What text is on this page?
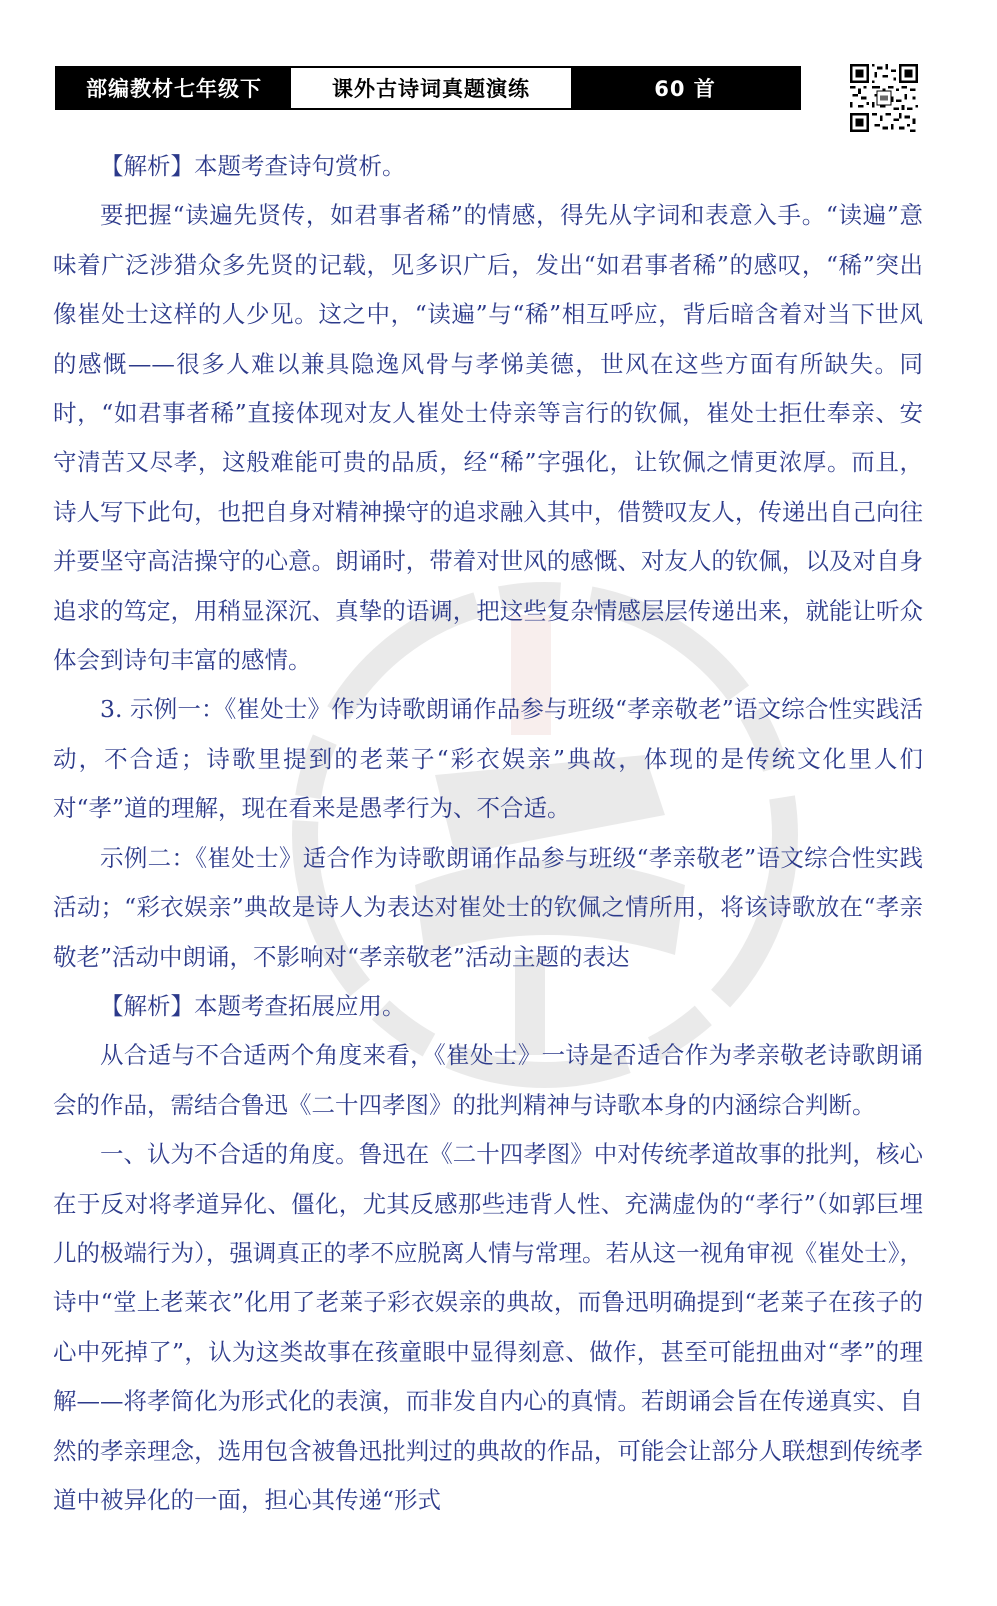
部编教材七年级下	课外古诗词真题演练	60 首

【解析】本题考查诗句赏析。

要把握“读遍先贤传，如君事者稀”的情感，得先从字词和表意入手。“读遍”意味着广泛涉猎众多先贤的记载，见多识广后，发出“如君事者稀”的感叹，“稀”突出像崔处士这样的人少见。这之中，“读遍”与“稀”相互呼应，背后暗含着对当下世风的感慨——很多人难以兼具隐逸风骨与孝悌美德，世风在这些方面有所缺失。同时，“如君事者稀”直接体现对友人崔处士侍亲等言行的钦佩，崔处士拒仕奉亲、安守清苦又尽孝，这般难能可贵的品质，经“稀”字强化，让钦佩之情更浓厚。而且，诗人写下此句，也把自身对精神操守的追求融入其中，借赞叹友人，传递出自己向往并要坚守高洁操守的心意。朗诵时，带着对世风的感慨、对友人的钦佩，以及对自身追求的笃定，用稍显深沉、真挚的语调，把这些复杂情感层层传递出来，就能让听众体会到诗句丰富的感情。

3. 示例一：《崔处士》作为诗歌朗诵作品参与班级“孝亲敬老”语文综合性实践活动，不合适；诗歌里提到的老莱子“彩衣娱亲”典故，体现的是传统文化里人们对“孝”道的理解，现在看来是愚孝行为、不合适。

示例二：《崔处士》适合作为诗歌朗诵作品参与班级“孝亲敬老”语文综合性实践活动；“彩衣娱亲”典故是诗人为表达对崔处士的钦佩之情所用，将该诗歌放在“孝亲敬老”活动中朗诵，不影响对“孝亲敬老”活动主题的表达

【解析】本题考查拓展应用。

从合适与不合适两个角度来看，《崔处士》一诗是否适合作为孝亲敬老诗歌朗诵会的作品，需结合鲁迅《二十四孝图》的批判精神与诗歌本身的内涵综合判断。

一、认为不合适的角度。鲁迅在《二十四孝图》中对传统孝道故事的批判，核心在于反对将孝道异化、僵化，尤其反感那些违背人性、充满虚伪的“孝行”（如郭巨埋儿的极端行为），强调真正的孝不应脱离人情与常理。若从这一视角审视《崔处士》，诗中“堂上老莱衣”化用了老莱子彩衣娱亲的典故，而鲁迅明确提到“老莱子在孩子的心中死掉了”，认为这类故事在孩童眼中显得刻意、做作，甚至可能扭曲对“孝”的理解——将孝简化为形式化的表演，而非发自内心的真情。若朗诵会旨在传递真实、自然的孝亲理念，选用包含被鲁迅批判过的典故的作品，可能会让部分人联想到传统孝道中被异化的一面，担心其传递“形式
